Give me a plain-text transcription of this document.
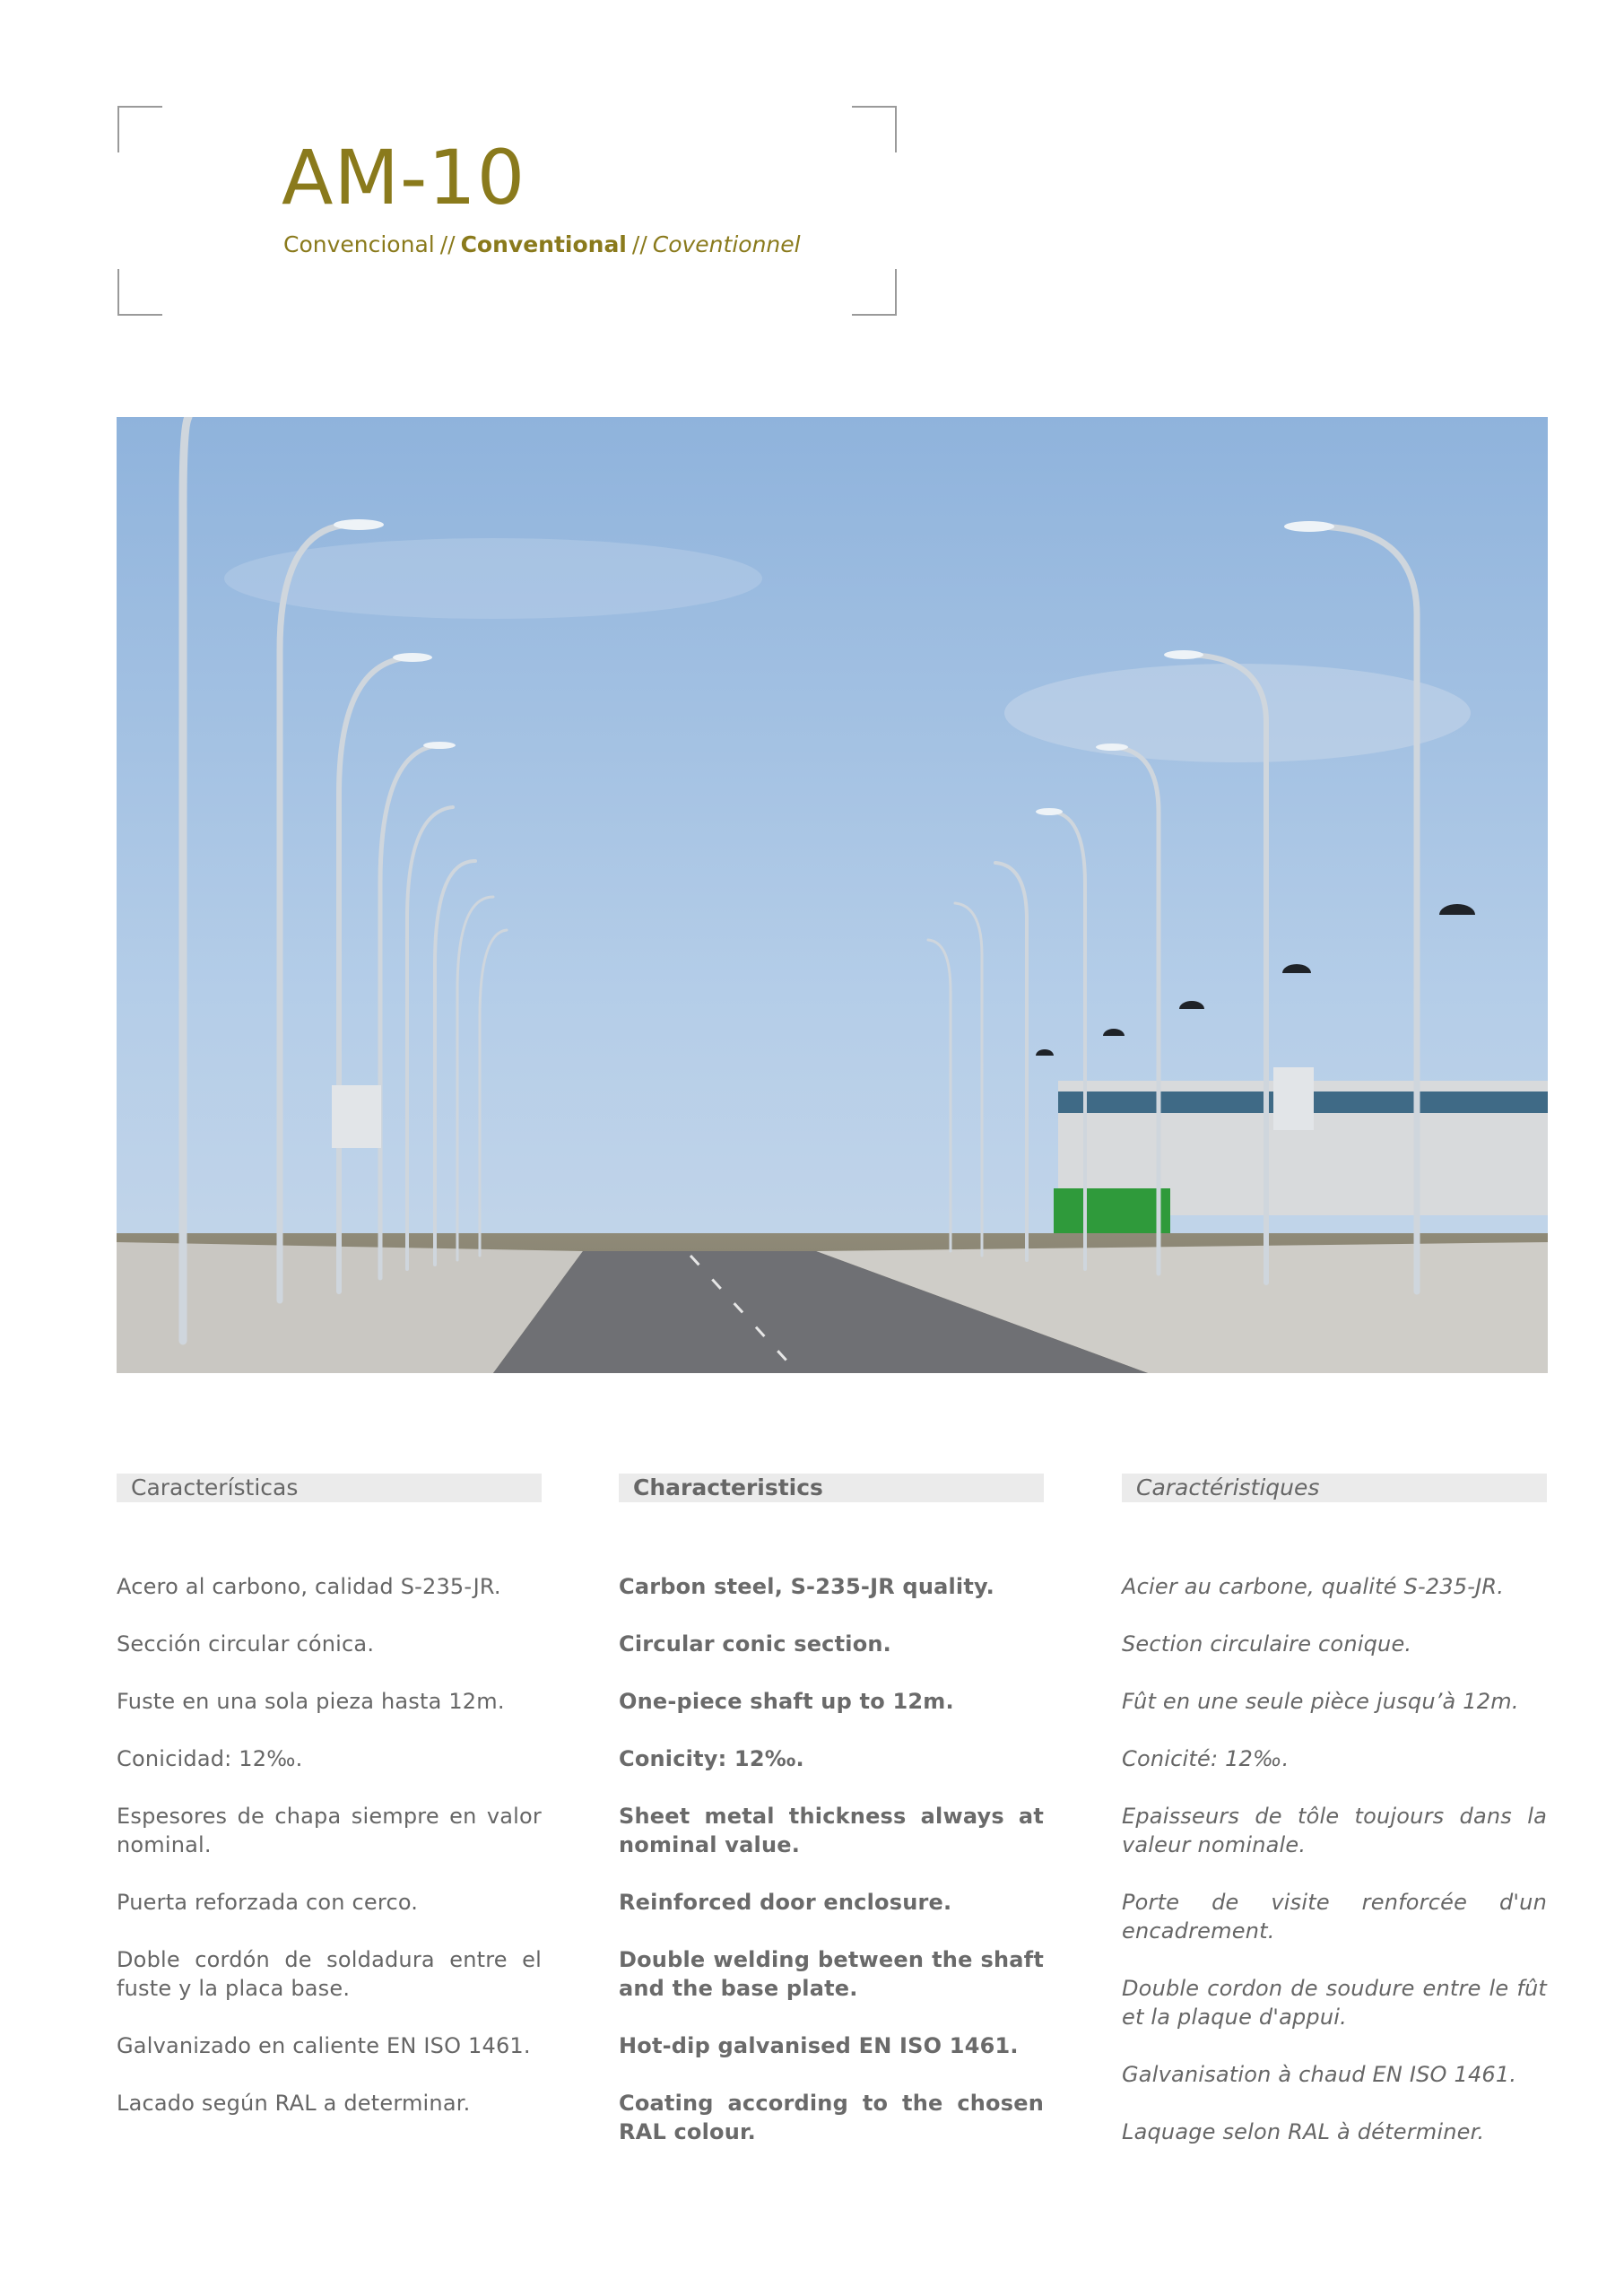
AM-10
Convencional // Conventional // Coventionnel
Características
Acero al carbono, calidad S-235-JR.
Sección circular cónica.
Fuste en una sola pieza hasta 12m.
Conicidad: 12‰.
Espesores de chapa siempre en valor nominal.
Puerta reforzada con cerco.
Doble cordón de soldadura entre el fuste y la placa base.
Galvanizado en caliente EN ISO 1461.
Lacado según RAL a determinar.
Characteristics
Carbon steel, S-235-JR quality.
Circular conic section.
One-piece shaft up to 12m.
Conicity: 12‰.
Sheet metal thickness always at nominal value.
Reinforced door enclosure.
Double welding between the shaft and the base plate.
Hot-dip galvanised EN ISO 1461.
Coating according to the chosen RAL colour.
Caractéristiques
Acier au carbone, qualité S-235-JR.
Section circulaire conique.
Fût en une seule pièce jusqu’à 12m.
Conicité: 12‰.
Epaisseurs de tôle toujours dans la valeur nominale.
Porte de visite renforcée d'un encadrement.
Double cordon de soudure entre le fût et la plaque d'appui.
Galvanisation à chaud EN ISO 1461.
Laquage selon RAL à déterminer.
